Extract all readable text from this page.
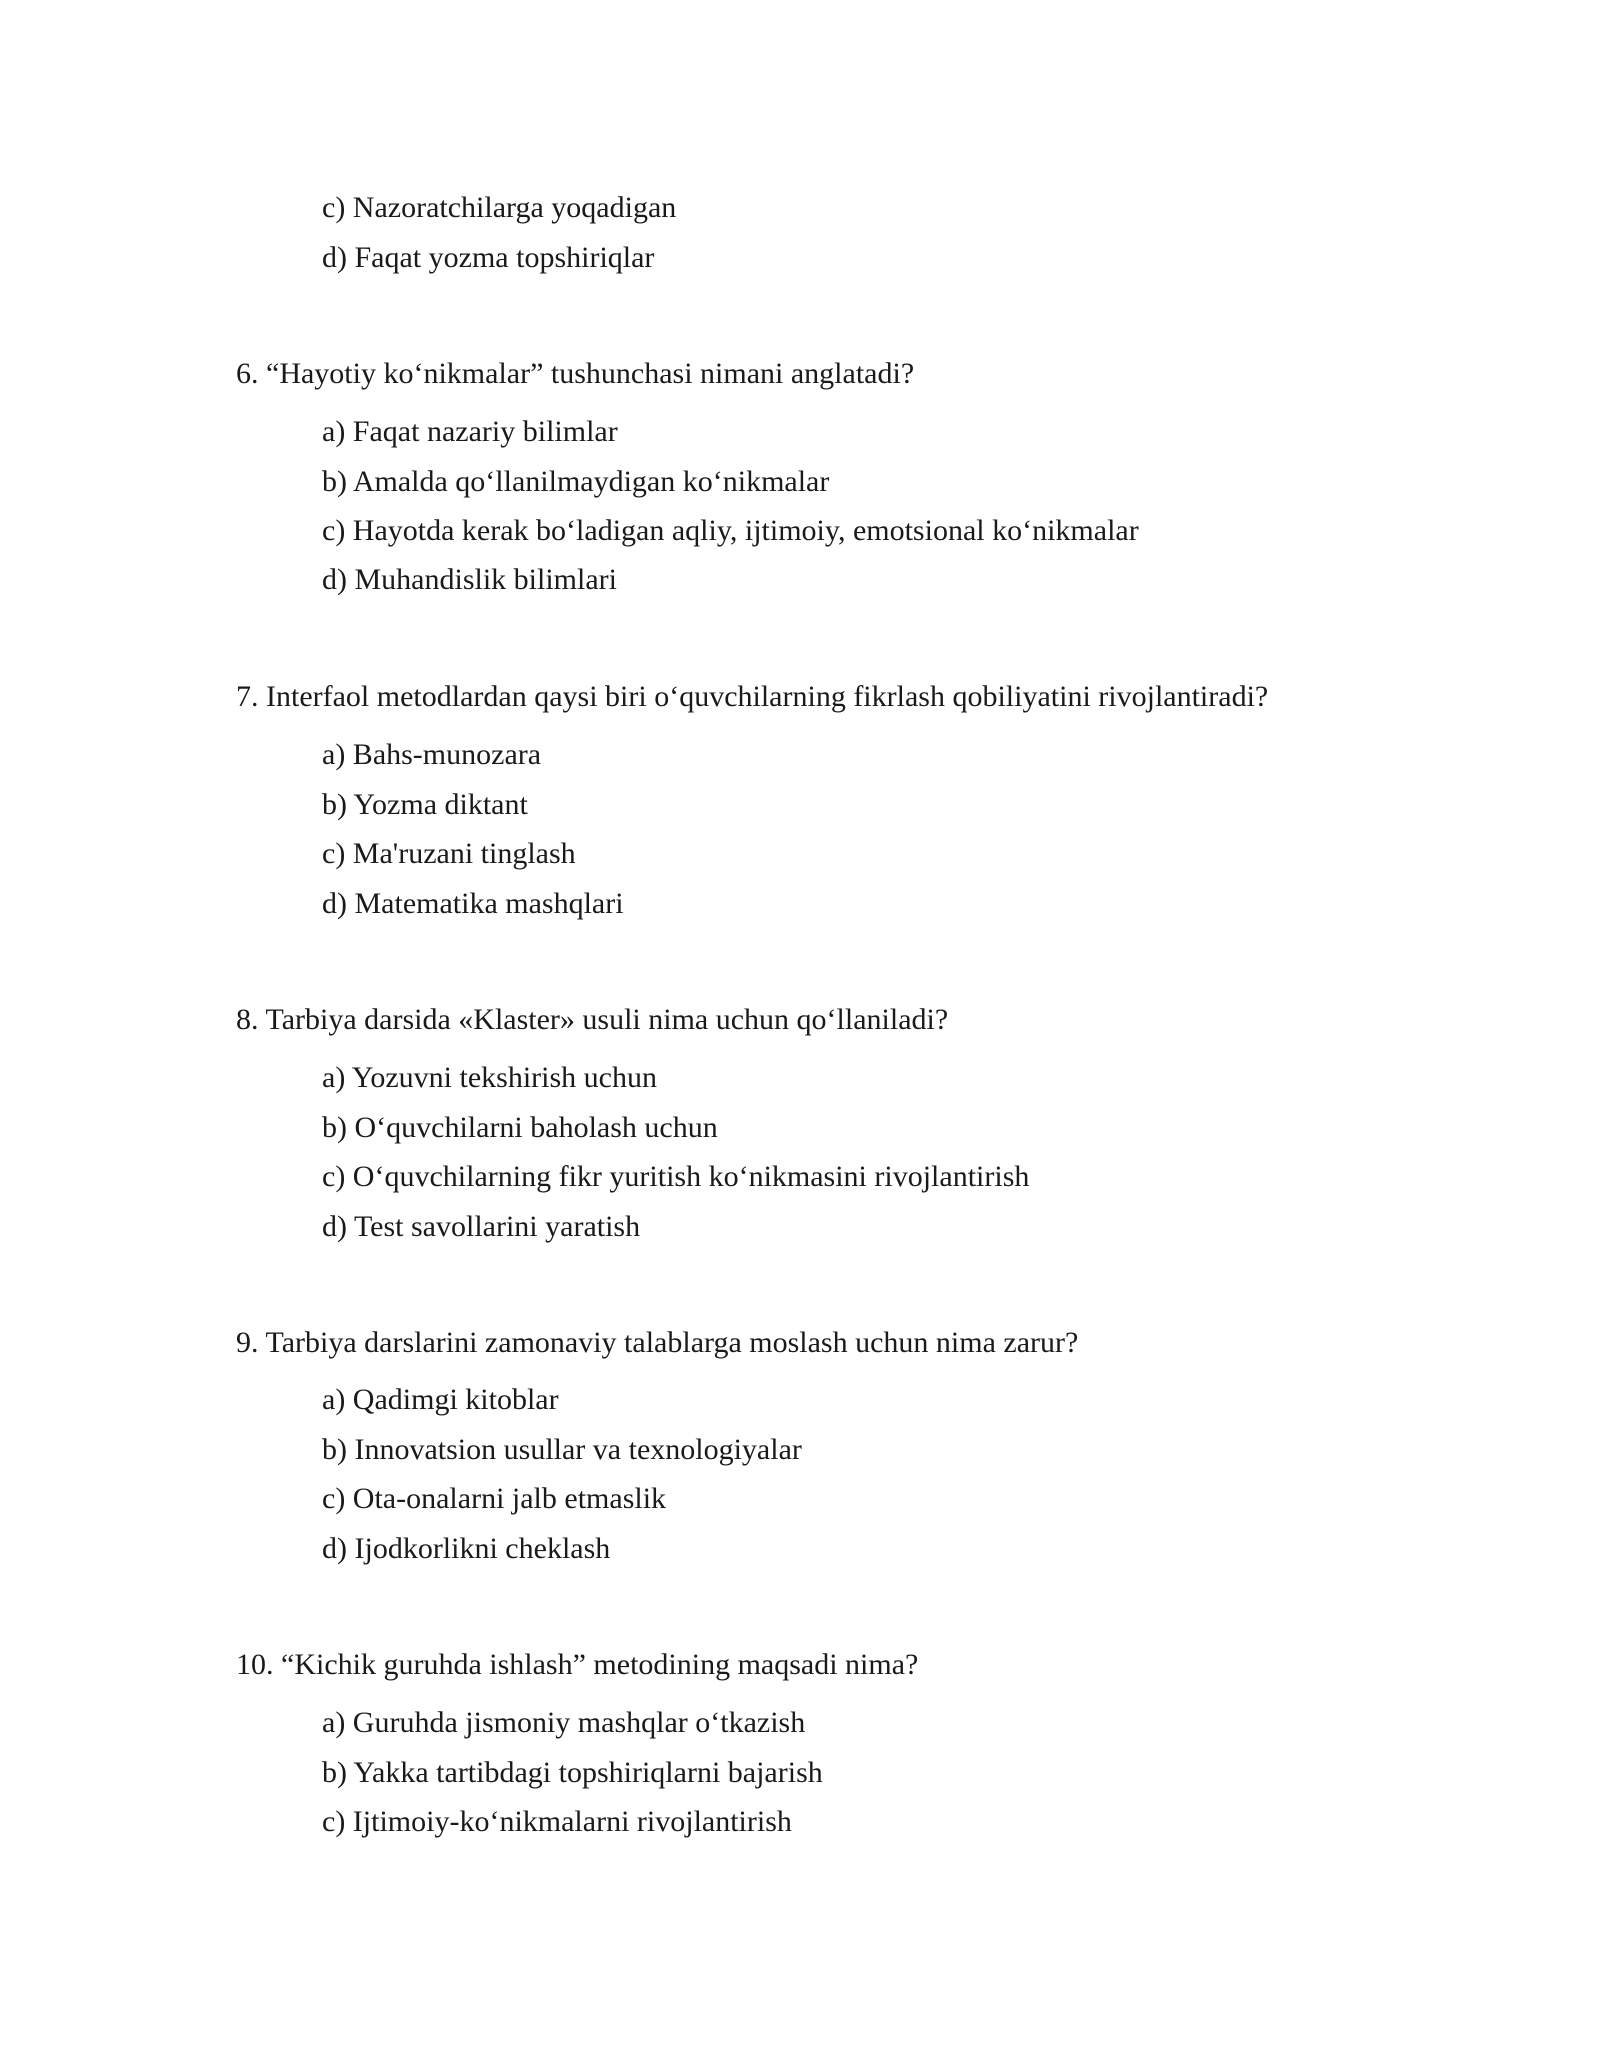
c) Nazoratchilarga yoqadigan
d) Faqat yozma topshiriqlar
6. “Hayotiy ko‘nikmalar” tushunchasi nimani anglatadi?
a) Faqat nazariy bilimlar
b) Amalda qo‘llanilmaydigan ko‘nikmalar
c) Hayotda kerak bo‘ladigan aqliy, ijtimoiy, emotsional ko‘nikmalar
d) Muhandislik bilimlari
7. Interfaol metodlardan qaysi biri o‘quvchilarning fikrlash qobiliyatini rivojlantiradi?
a) Bahs-munozara
b) Yozma diktant
c) Ma'ruzani tinglash
d) Matematika mashqlari
8. Tarbiya darsida «Klaster» usuli nima uchun qo‘llaniladi?
a) Yozuvni tekshirish uchun
b) O‘quvchilarni baholash uchun
c) O‘quvchilarning fikr yuritish ko‘nikmasini rivojlantirish
d) Test savollarini yaratish
9. Tarbiya darslarini zamonaviy talablarga moslash uchun nima zarur?
a) Qadimgi kitoblar
b) Innovatsion usullar va texnologiyalar
c) Ota-onalarni jalb etmaslik
d) Ijodkorlikni cheklash
10. “Kichik guruhda ishlash” metodining maqsadi nima?
a) Guruhda jismoniy mashqlar o‘tkazish
b) Yakka tartibdagi topshiriqlarni bajarish
c) Ijtimoiy-ko‘nikmalarni rivojlantirish
